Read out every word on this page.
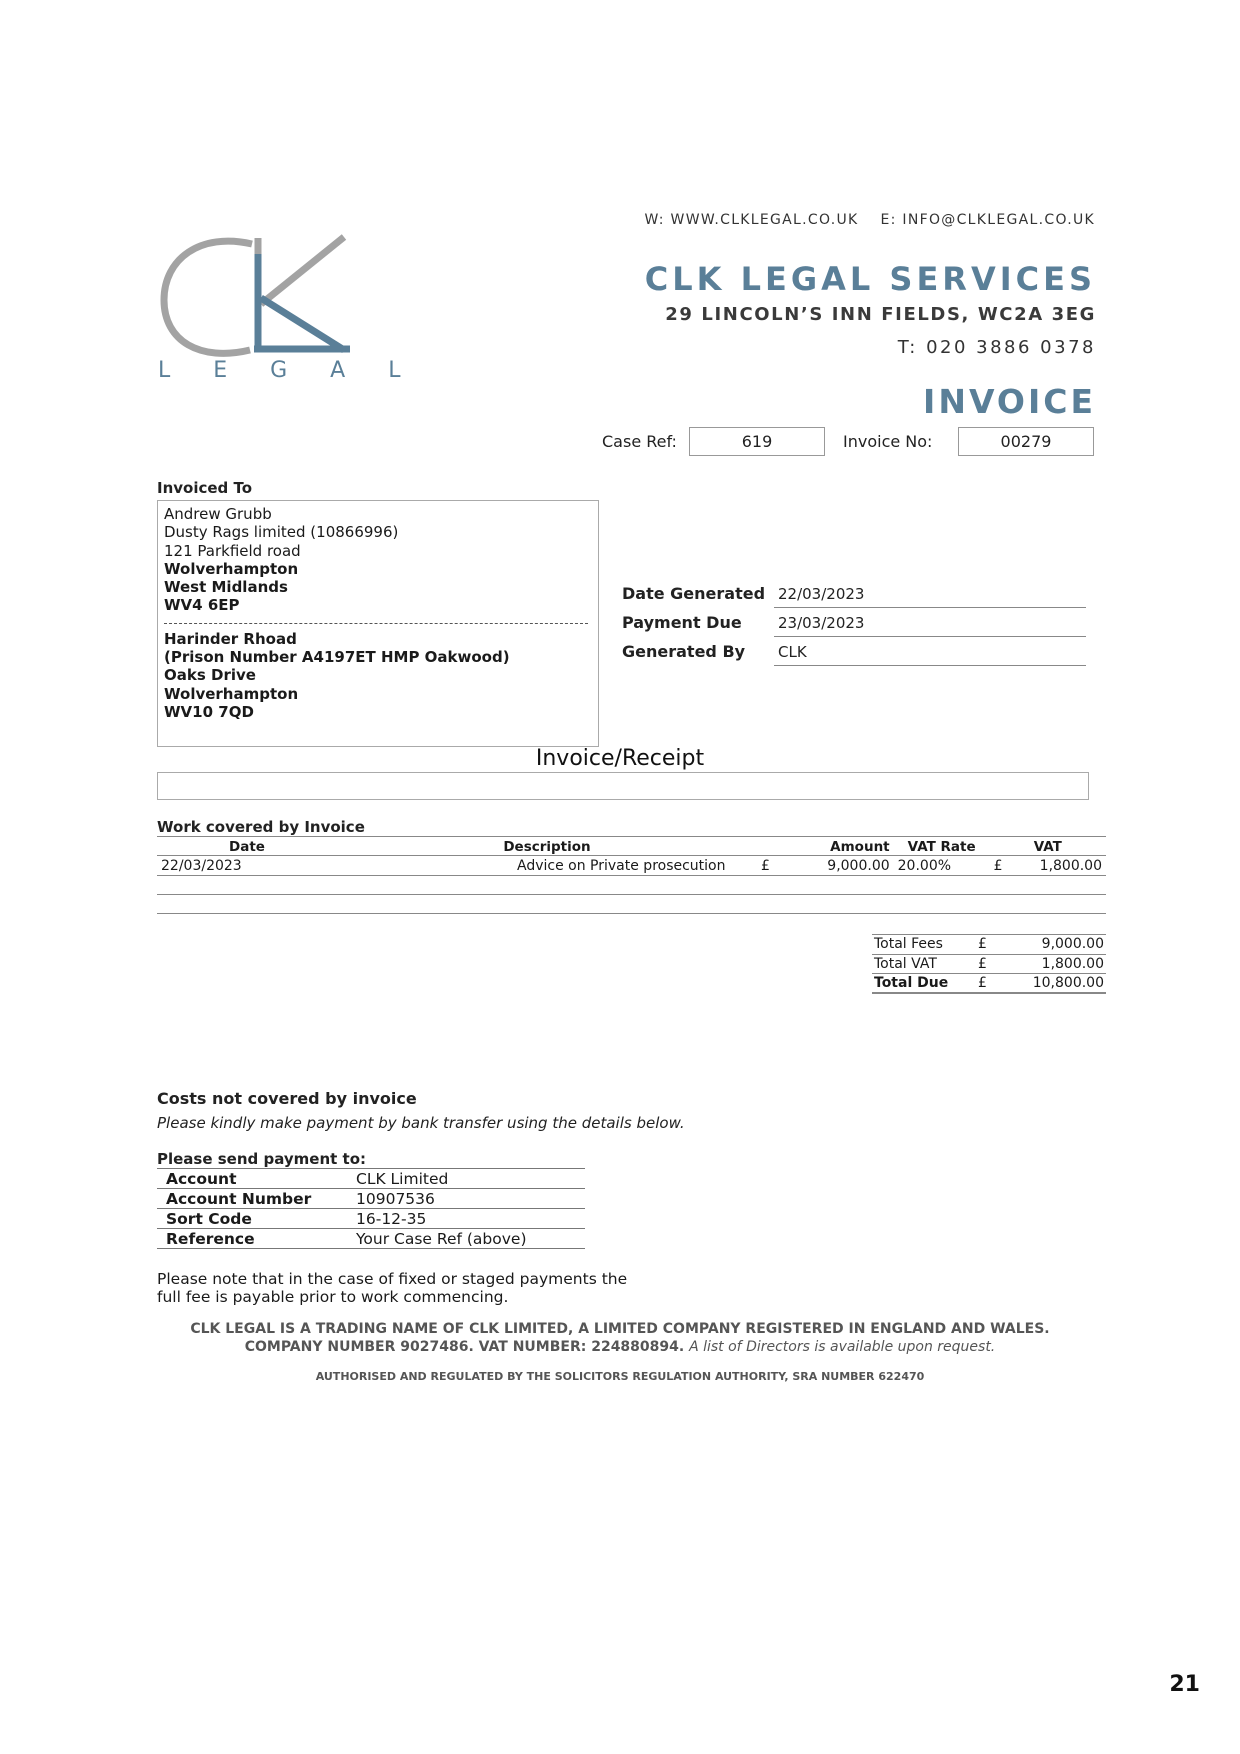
L E G A L
W: WWW.CLKLEGAL.CO.UK E: INFO@CLKLEGAL.CO.UK
CLK LEGAL SERVICES
29 LINCOLN’S INN FIELDS, WC2A 3EG
T: 020 3886 0378
INVOICE
Case Ref:	619	Invoice No:	00279
Invoiced To
Andrew Grubb
Dusty Rags limited (10866996)
121 Parkfield road
Wolverhampton
West Midlands
WV4 6EP
Harinder Rhoad
(Prison Number A4197ET HMP Oakwood)
Oaks Drive
Wolverhampton
WV10 7QD
Date Generated 22/03/2023
Payment Due 23/03/2023
Generated By CLK
Invoice/Receipt
Work covered by Invoice
Date	Description	Amount		VAT Rate	VAT	
22/03/2023	Advice on Private prosecution	£	9,000.00	20.00%	£	1,800.00

Total Fees	£	9,000.00
Total VAT	£	1,800.00
Total Due	£	10,800.00
Costs not covered by invoice
Please kindly make payment by bank transfer using the details below.
Please send payment to:
Account	CLK Limited
Account Number	10907536
Sort Code	16-12-35
Reference	Your Case Ref (above)
Please note that in the case of fixed or staged payments the
full fee is payable prior to work commencing.
CLK LEGAL IS A TRADING NAME OF CLK LIMITED, A LIMITED COMPANY REGISTERED IN ENGLAND AND WALES.
COMPANY NUMBER 9027486. VAT NUMBER: 224880894. A list of Directors is available upon request.
AUTHORISED AND REGULATED BY THE SOLICITORS REGULATION AUTHORITY, SRA NUMBER 622470
21
